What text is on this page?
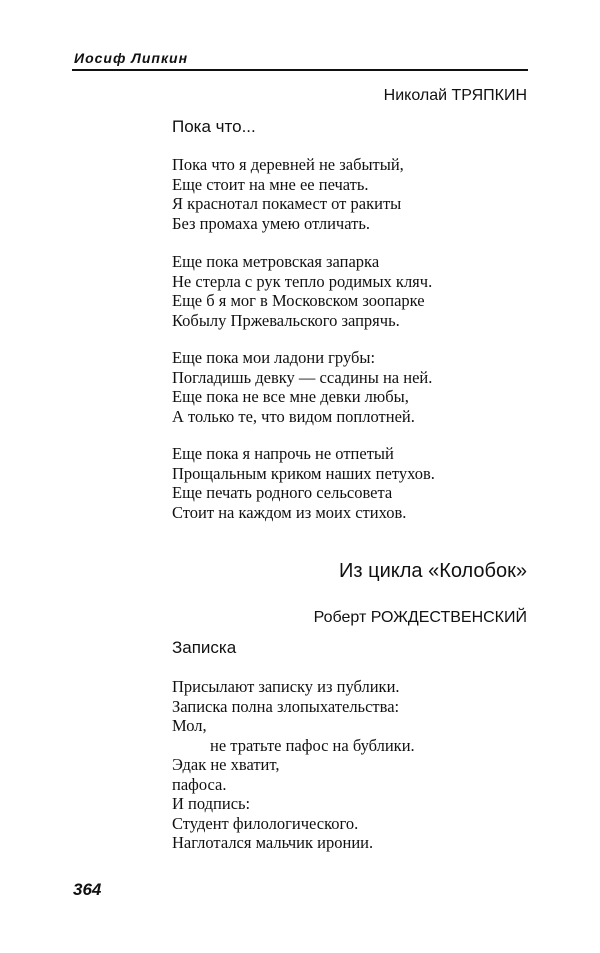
Иосиф Липкин
Николай ТРЯПКИН
Пока что...
Пока что я деревней не забытый,
Еще стоит на мне ее печать.
Я краснотал покамест от ракиты
Без промаха умею отличать.
Еще пока метровская запарка
Не стерла с рук тепло родимых кляч.
Еще б я мог в Московском зоопарке
Кобылу Пржевальского запрячь.
Еще пока мои ладони грубы:
Погладишь девку — ссадины на ней.
Еще пока не все мне девки любы,
А только те, что видом поплотней.
Еще пока я напрочь не отпетый
Прощальным криком наших петухов.
Еще печать родного сельсовета
Стоит на каждом из моих стихов.
Из цикла «Колобок»
Роберт РОЖДЕСТВЕНСКИЙ
Записка
Присылают записку из публики.
Записка полна злопыхательства:
Мол,
не тратьте пафос на бублики.
Эдак не хватит,
пафоса.
И подпись:
Студент филологического.
Наглотался мальчик иронии.
364
